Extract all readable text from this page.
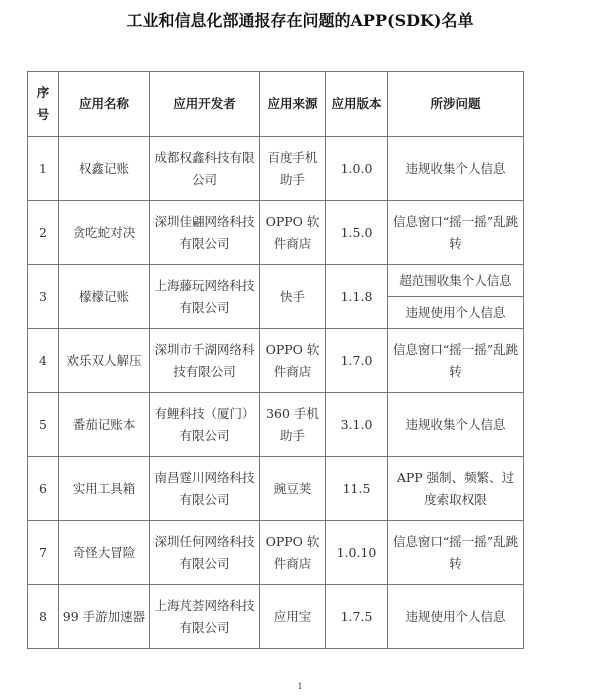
工业和信息化部通报存在问题的APP(SDK)名单
序号	应用名称	应用开发者	应用来源	应用版本	所涉问题
1	权鑫记账	成都权鑫科技有限公司	百度手机助手	1.0.0	违规收集个人信息
2	贪吃蛇对决	深圳佳翩网络科技有限公司	OPPO 软件商店	1.5.0	信息窗口“摇一摇”乱跳转
3	檬檬记账	上海藤玩网络科技有限公司	快手	1.1.8	超范围收集个人信息
					违规使用个人信息
4	欢乐双人解压	深圳市千湖网络科技有限公司	OPPO 软件商店	1.7.0	信息窗口“摇一摇”乱跳转
5	番茄记账本	有鲤科技（厦门）有限公司	360 手机助手	3.1.0	违规收集个人信息
6	实用工具箱	南昌霆川网络科技有限公司	豌豆荚	11.5	APP 强制、频繁、过度索取权限
7	奇怪大冒险	深圳任何网络科技有限公司	OPPO 软件商店	1.0.10	信息窗口“摇一摇”乱跳转
8	99 手游加速器	上海芃荟网络科技有限公司	应用宝	1.7.5	违规使用个人信息
1
